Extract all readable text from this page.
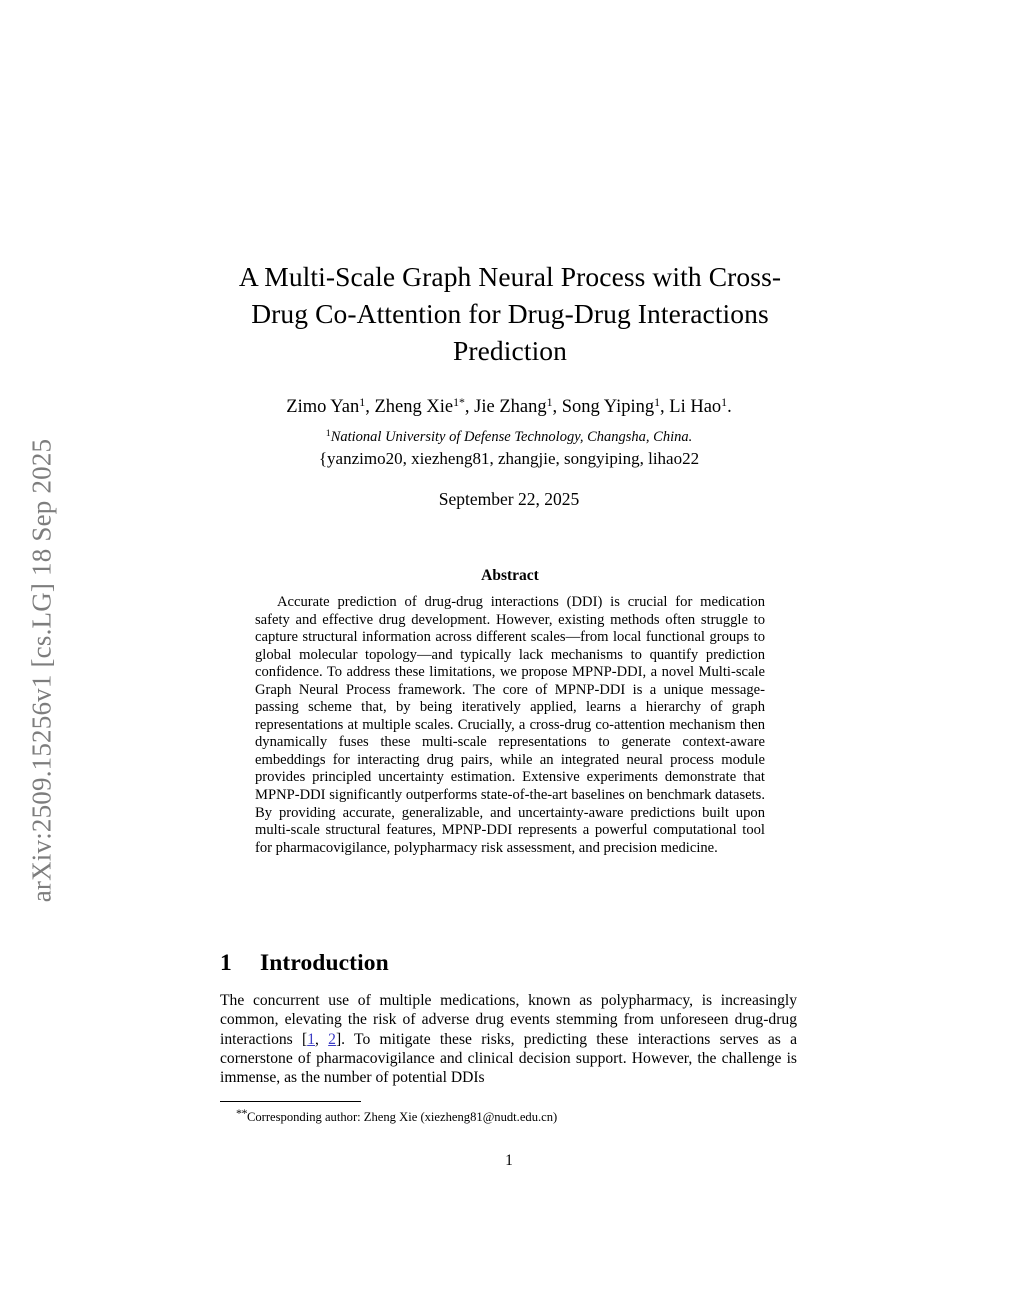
arXiv:2509.15256v1 [cs.LG] 18 Sep 2025
A Multi-Scale Graph Neural Process with Cross-Drug Co-Attention for Drug-Drug Interactions Prediction
Zimo Yan$^1$, Zheng Xie$^{1*}$, Jie Zhang$^1$, Song Yiping$^1$, Li Hao$^1$.
$^1$National University of Defense Technology, Changsha, China.
{yanzimo20, xiezheng81, zhangjie, songyiping, lihao22
September 22, 2025
Abstract
Accurate prediction of drug-drug interactions (DDI) is crucial for medication safety and effective drug development. However, existing methods often struggle to capture structural information across different scales—from local functional groups to global molecular topology—and typically lack mechanisms to quantify prediction confidence. To address these limitations, we propose MPNP-DDI, a novel Multi-scale Graph Neural Process framework. The core of MPNP-DDI is a unique message-passing scheme that, by being iteratively applied, learns a hierarchy of graph representations at multiple scales. Crucially, a cross-drug co-attention mechanism then dynamically fuses these multi-scale representations to generate context-aware embeddings for interacting drug pairs, while an integrated neural process module provides principled uncertainty estimation. Extensive experiments demonstrate that MPNP-DDI significantly outperforms state-of-the-art baselines on benchmark datasets. By providing accurate, generalizable, and uncertainty-aware predictions built upon multi-scale structural features, MPNP-DDI represents a powerful computational tool for pharmacovigilance, polypharmacy risk assessment, and precision medicine.
1 Introduction
The concurrent use of multiple medications, known as polypharmacy, is increasingly common, elevating the risk of adverse drug events stemming from unforeseen drug-drug interactions [1, 2]. To mitigate these risks, predicting these interactions serves as a cornerstone of pharmacovigilance and clinical decision support. However, the challenge is immense, as the number of potential DDIs
**Corresponding author: Zheng Xie (xiezheng81@nudt.edu.cn)
1
